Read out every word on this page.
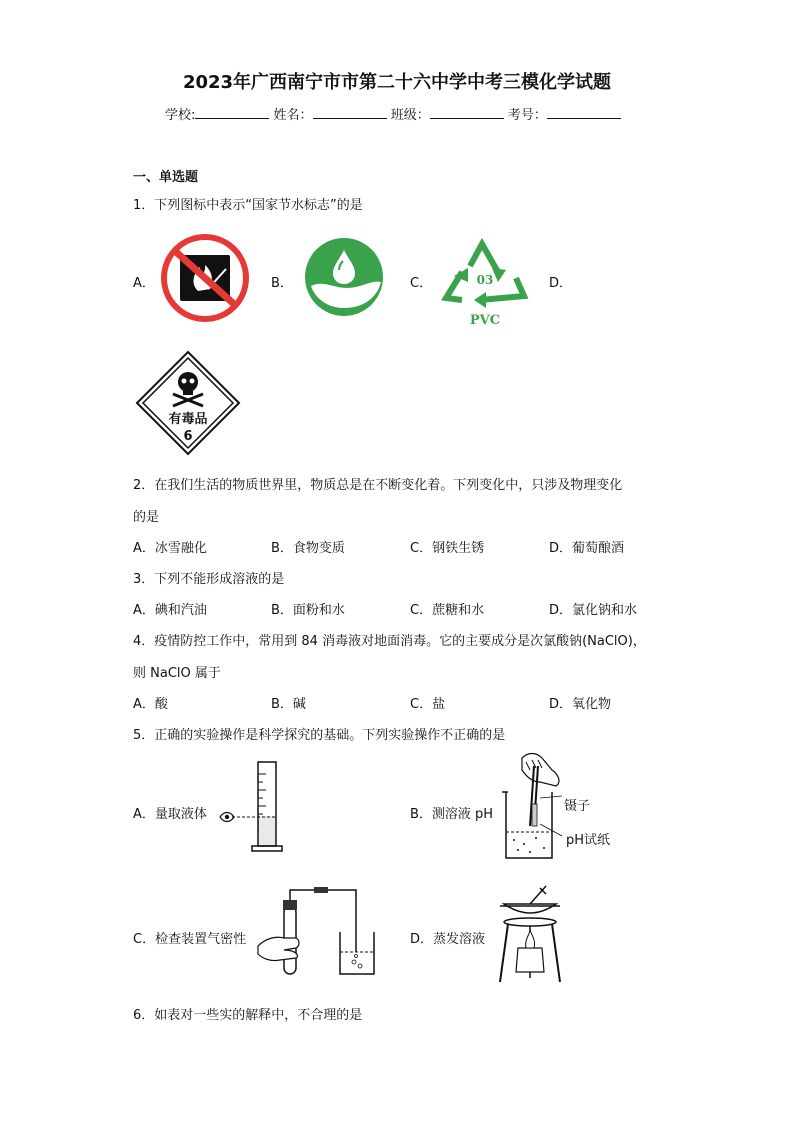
2023年广西南宁市市第二十六中学中考三模化学试题
学校:	姓名：	班级：	考号：
一、单选题
1．下列图标中表示“国家节水标志”的是
A．	B．	C．	D．
03
PVC
有毒品
6
2．在我们生活的物质世界里，物质总是在不断变化着。下列变化中，只涉及物理变化
的是
A．冰雪融化	B．食物变质	C．钢铁生锈	D．葡萄酿酒
3．下列不能形成溶液的是
A．碘和汽油	B．面粉和水	C．蔗糖和水	D．氯化钠和水
4．疫情防控工作中，常用到 84 消毒液对地面消毒。它的主要成分是次氯酸钠(NaClO)，
则 NaClO 属于
A．酸	B．碱	C．盐	D．氧化物
5．正确的实验操作是科学探究的基础。下列实验操作不正确的是
A．量取液体	B．测溶液 pH
C．检查装置气密性	D．蒸发溶液
镊子
pH试纸
6．如表对一些实的解释中，不合理的是
